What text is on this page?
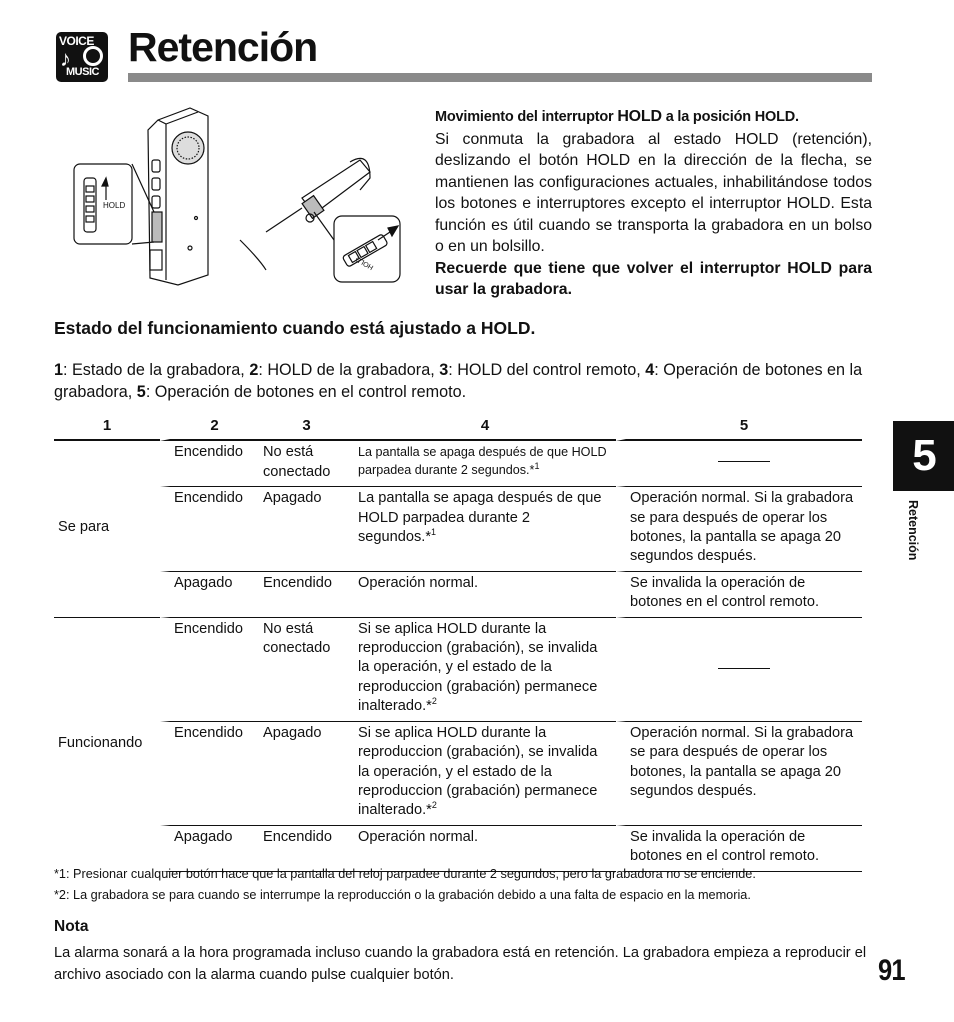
VOICE
♪
MUSIC
Retención
HOLD
HOLD
Movimiento del interruptor HOLD a la posición HOLD.
Si conmuta la grabadora al estado HOLD (retención), deslizando el botón HOLD en la dirección de la flecha, se mantienen las configuraciones actuales, inhabilitándose todos los botones e interruptores excepto el interruptor HOLD. Esta función es útil cuando se transporta la grabadora en un bolso o en un bolsillo.
Recuerde que tiene que volver el interruptor HOLD para usar la grabadora.
Estado del funcionamiento cuando está ajustado a HOLD.
1: Estado de la grabadora, 2: HOLD de la grabadora, 3: HOLD del control remoto, 4: Operación de botones en la grabadora, 5: Operación de botones en el control remoto.
1	2	3	4	5
Se para	Encendido	No está conectado	La pantalla se apaga después de que HOLD parpadea durante 2 segundos.*$^1$	

	Encendido	Apagado	La pantalla se apaga después de que HOLD parpadea durante 2 segundos.*$^1$	Operación normal. Si la grabadora se para después de operar los botones, la pantalla se apaga 20 segundos después.
	Apagado	Encendido	Operación normal.	Se invalida la operación de botones en el control remoto.
Funcionando	Encendido	No está conectado	Si se aplica HOLD durante la reproduccion (grabación), se invalida la operación, y el estado de la reproduccion (grabación) permanece inalterado.*$^2$	

	Encendido	Apagado	Si se aplica HOLD durante la reproduccion (grabación), se invalida la operación, y el estado de la reproduccion (grabación) permanece inalterado.*$^2$	Operación normal. Si la grabadora se para después de operar los botones, la pantalla se apaga 20 segundos después.
	Apagado	Encendido	Operación normal.	Se invalida la operación de botones en el control remoto.
*1: Presionar cualquier botón hace que la pantalla del reloj parpadee durante 2 segundos, pero la grabadora no se enciende.
*2: La grabadora se para cuando se interrumpe la reproducción o la grabación debido a una falta de espacio en la memoria.
Nota
La alarma sonará a la hora programada incluso cuando la grabadora está en retención. La grabadora empieza a reproducir el archivo asociado con la alarma cuando pulse cualquier botón.
5
Retención
91
